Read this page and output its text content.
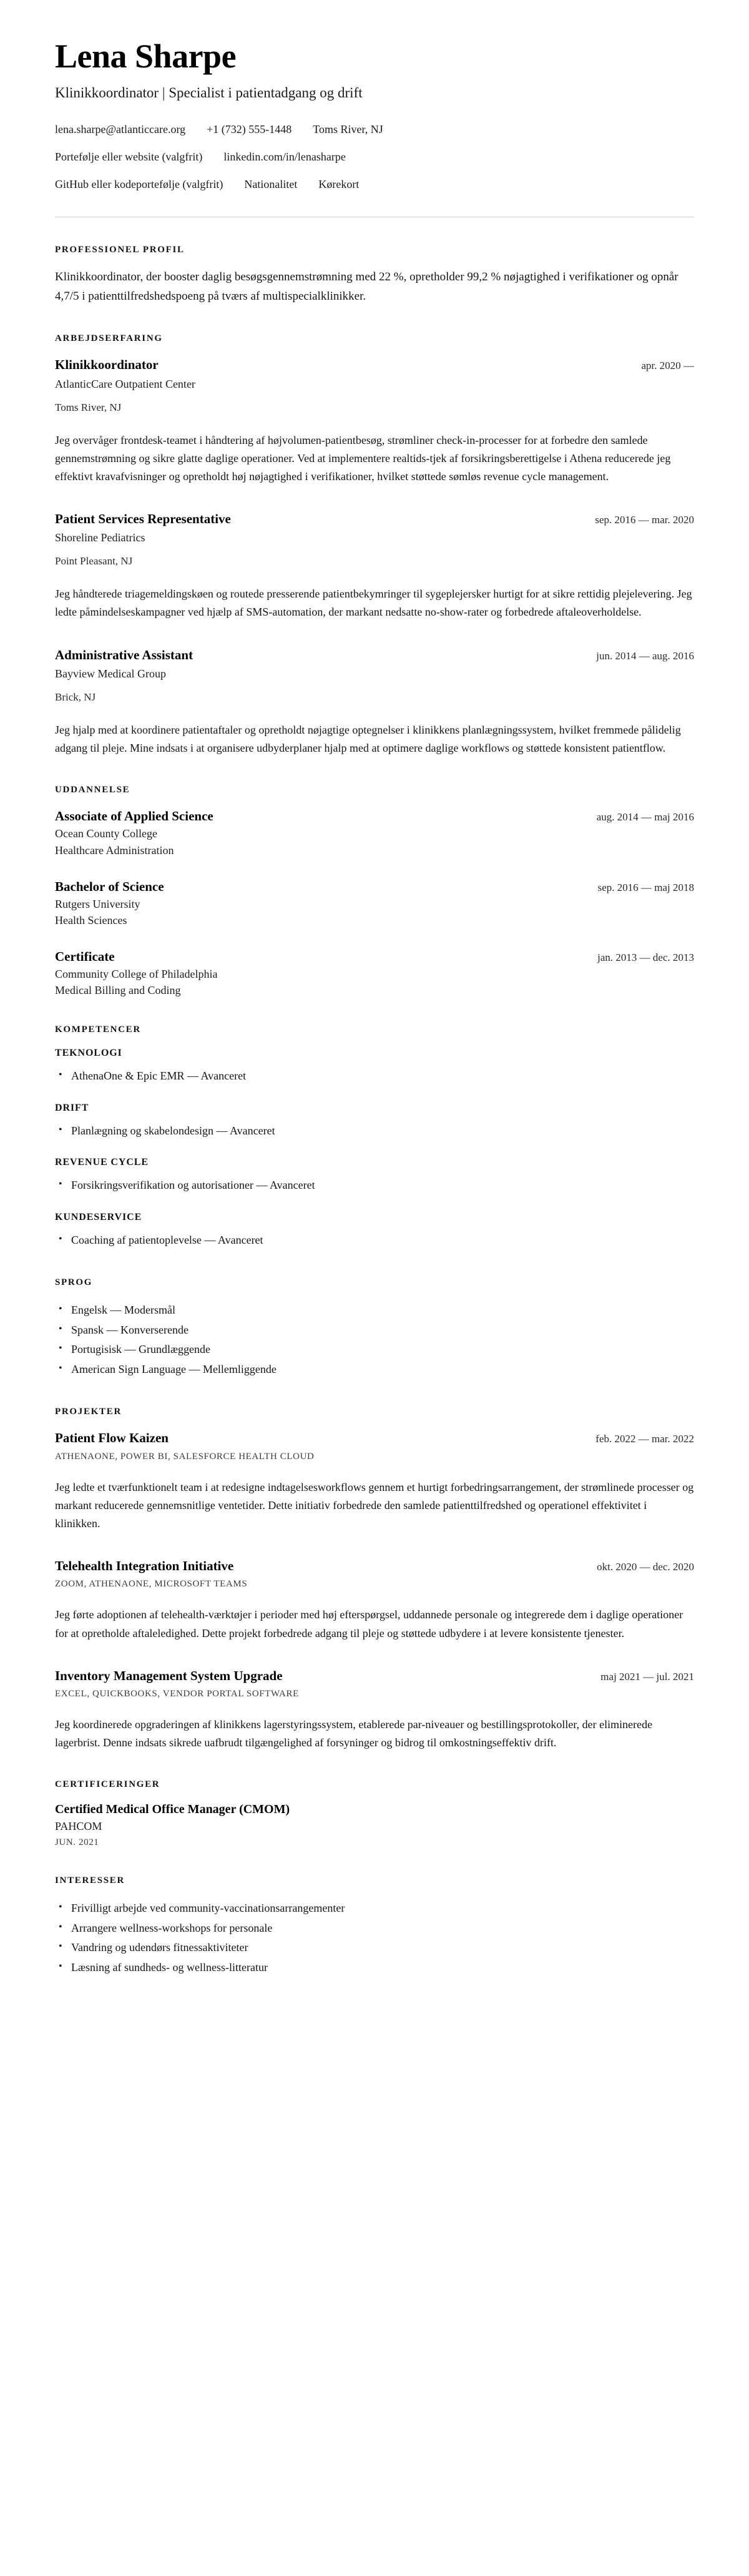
Lena Sharpe
Klinikkoordinator | Specialist i patientadgang og drift
lena.sharpe@atlanticcare.org +1 (732) 555-1448 Toms River, NJ
Portefølje eller website (valgfrit) linkedin.com/in/lenasharpe
GitHub eller kodeportefølje (valgfrit) Nationalitet Kørekort
PROFESSIONEL PROFIL

Klinikkoordinator, der booster daglig besøgsgennemstrømning med 22 %, opretholder 99,2 % nøjagtighed i verifikationer og opnår 4,7/5 i patienttilfredshedspoeng på tværs af multispecialklinikker.

ARBEJDSERFARING
Klinikkoordinator	apr. 2020 —
AtlanticCare Outpatient Center
Toms River, NJ

Jeg overvåger frontdesk-teamet i håndtering af højvolumen-patientbesøg, strømliner check-in-processer for at forbedre den samlede gennemstrømning og sikre glatte daglige operationer. Ved at implementere realtids-tjek af forsikringsberettigelse i Athena reducerede jeg effektivt kravafvisninger og opretholdt høj nøjagtighed i verifikationer, hvilket støttede sømløs revenue cycle management.

Patient Services Representative	sep. 2016 — mar. 2020
Shoreline Pediatrics
Point Pleasant, NJ

Jeg håndterede triagemeldingskøen og routede presserende patientbekymringer til sygeplejersker hurtigt for at sikre rettidig plejelevering. Jeg ledte påmindelseskampagner ved hjælp af SMS-automation, der markant nedsatte no-show-rater og forbedrede aftaleoverholdelse.

Administrative Assistant	jun. 2014 — aug. 2016
Bayview Medical Group
Brick, NJ

Jeg hjalp med at koordinere patientaftaler og opretholdt nøjagtige optegnelser i klinikkens planlægningssystem, hvilket fremmede pålidelig adgang til pleje. Mine indsats i at organisere udbyderplaner hjalp med at optimere daglige workflows og støttede konsistent patientflow.

UDDANNELSE
Associate of Applied Science	aug. 2014 — maj 2016
Ocean County College
Healthcare Administration
Bachelor of Science	sep. 2016 — maj 2018
Rutgers University
Health Sciences
Certificate	jan. 2013 — dec. 2013
Community College of Philadelphia
Medical Billing and Coding
KOMPETENCER
TEKNOLOGI
• AthenaOne & Epic EMR — Avanceret
DRIFT
• Planlægning og skabelondesign — Avanceret
REVENUE CYCLE
• Forsikringsverifikation og autorisationer — Avanceret
KUNDESERVICE
• Coaching af patientoplevelse — Avanceret
SPROG
• Engelsk — Modersmål
• Spansk — Konverserende
• Portugisisk — Grundlæggende
• American Sign Language — Mellemliggende
PROJEKTER
Patient Flow Kaizen	feb. 2022 — mar. 2022
ATHENAONE, POWER BI, SALESFORCE HEALTH CLOUD

Jeg ledte et tværfunktionelt team i at redesigne indtagelsesworkflows gennem et hurtigt forbedringsarrangement, der strømlinede processer og markant reducerede gennemsnitlige ventetider. Dette initiativ forbedrede den samlede patienttilfredshed og operationel effektivitet i klinikken.

Telehealth Integration Initiative	okt. 2020 — dec. 2020
ZOOM, ATHENAONE, MICROSOFT TEAMS

Jeg førte adoptionen af telehealth-værktøjer i perioder med høj efterspørgsel, uddannede personale og integrerede dem i daglige operationer for at opretholde aftaleledighed. Dette projekt forbedrede adgang til pleje og støttede udbydere i at levere konsistente tjenester.

Inventory Management System Upgrade	maj 2021 — jul. 2021
EXCEL, QUICKBOOKS, VENDOR PORTAL SOFTWARE

Jeg koordinerede opgraderingen af klinikkens lagerstyringssystem, etablerede par-niveauer og bestillingsprotokoller, der eliminerede lagerbrist. Denne indsats sikrede uafbrudt tilgængelighed af forsyninger og bidrog til omkostningseffektiv drift.

CERTIFICERINGER
Certified Medical Office Manager (CMOM)
PAHCOM
JUN. 2021
INTERESSER
• Frivilligt arbejde ved community-vaccinationsarrangementer
• Arrangere wellness-workshops for personale
• Vandring og udendørs fitnessaktiviteter
• Læsning af sundheds- og wellness-litteratur
